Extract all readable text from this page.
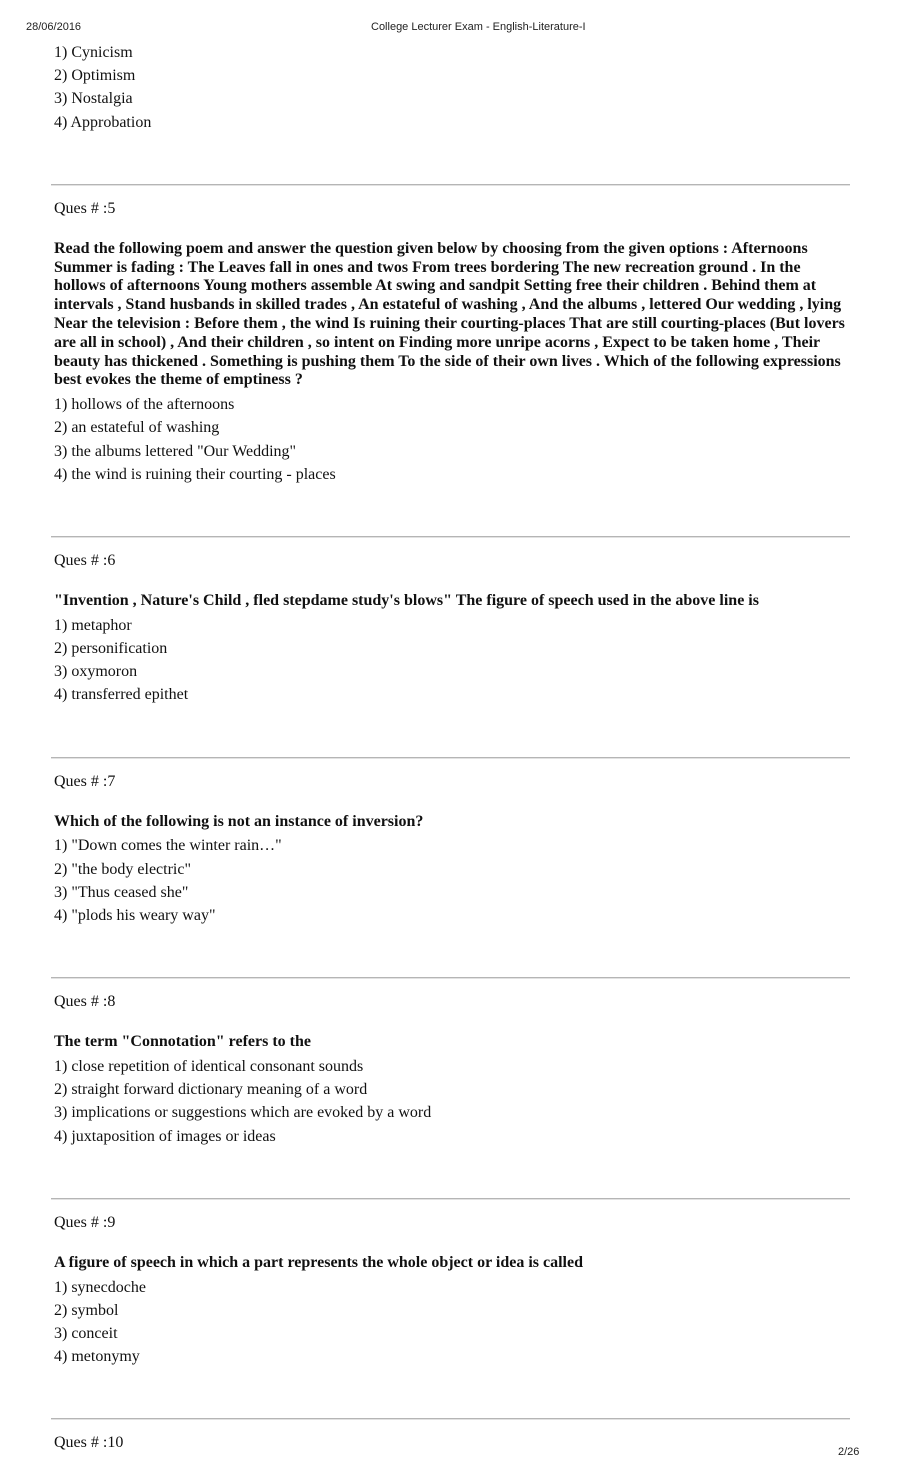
28/06/2016	College Lecturer Exam - English-Literature-I

1) Cynicism

2) Optimism

3) Nostalgia

4) Approbation

Ques # :5

Read the following poem and answer the question given below by choosing from the given options : Afternoons Summer is fading : The Leaves fall in ones and twos From trees bordering The new recreation ground . In the hollows of afternoons Young mothers assemble At swing and sandpit Setting free their children . Behind them at intervals , Stand husbands in skilled trades , An estateful of washing , And the albums , lettered Our wedding , lying Near the television : Before them , the wind Is ruining their courting-places That are still courting-places (But lovers are all in school) , And their children , so intent on Finding more unripe acorns , Expect to be taken home , Their beauty has thickened . Something is pushing them To the side of their own lives . Which of the following expressions best evokes the theme of emptiness ?

1) hollows of the afternoons

2) an estateful of washing

3) the albums lettered "Our Wedding"

4) the wind is ruining their courting - places

Ques # :6

"Invention , Nature's Child , fled stepdame study's blows" The figure of speech used in the above line is

1) metaphor

2) personification

3) oxymoron

4) transferred epithet

Ques # :7

Which of the following is not an instance of inversion?

1) "Down comes the winter rain…"

2) "the body electric"

3) "Thus ceased she"

4) "plods his weary way"

Ques # :8

The term "Connotation" refers to the

1) close repetition of identical consonant sounds

2) straight forward dictionary meaning of a word

3) implications or suggestions which are evoked by a word

4) juxtaposition of images or ideas

Ques # :9

A figure of speech in which a part represents the whole object or idea is called

1) synecdoche

2) symbol

3) conceit

4) metonymy

Ques # :10

2/26
